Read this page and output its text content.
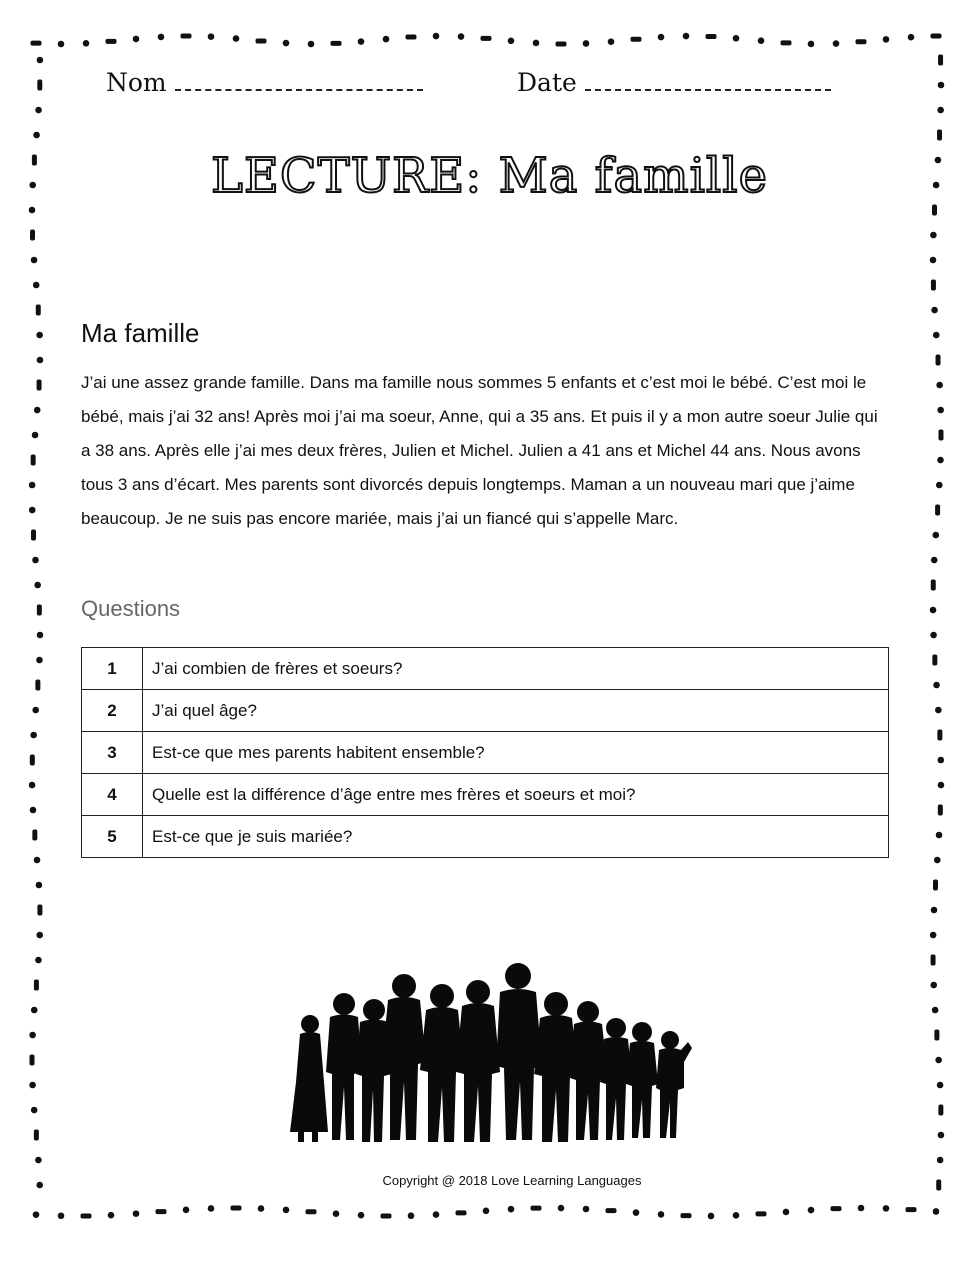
Nom	Date
LECTURE: Ma famille
Ma famille
J’ai une assez grande famille. Dans ma famille nous sommes 5 enfants et c’est moi le bébé. C’est moi le bébé, mais j’ai 32 ans! Après moi j’ai ma soeur, Anne, qui a 35 ans. Et puis il y a mon autre soeur Julie qui a 38 ans. Après elle j’ai mes deux frères, Julien et Michel. Julien a 41 ans et Michel 44 ans. Nous avons tous 3 ans d’écart. Mes parents sont divorcés depuis longtemps. Maman a un nouveau mari que j’aime beaucoup. Je ne suis pas encore mariée, mais j’ai un fiancé qui s’appelle Marc.
Questions
1	J’ai combien de frères et soeurs?
2	J’ai quel âge?
3	Est-ce que mes parents habitent ensemble?
4	Quelle est la différence d’âge entre mes frères et soeurs et moi?
5	Est-ce que je suis mariée?
Copyright @ 2018 Love Learning Languages
